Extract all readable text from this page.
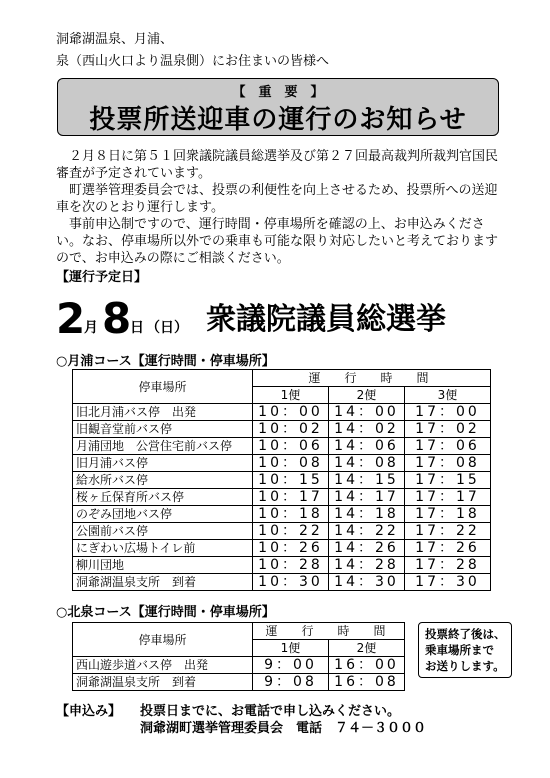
洞爺湖温泉、月浦、
泉（西山火口より温泉側）にお住まいの皆様へ
【　重　要　】
投票所送迎車の運行のお知らせ

　２月８日に第５１回衆議院議員総選挙及び第２７回最高裁判所裁判官国民審査が予定されています。

　町選挙管理委員会では、投票の利便性を向上させるため、投票所への送迎車を次のとおり運行します。

　事前申込制ですので、運行時間・停車場所を確認の上、お申込みください。なお、停車場所以外での乗車も可能な限り対応したいと考えておりますので、お申込みの際にご相談ください。

【運行予定日】
2
月 8
日 （日） 衆議院議員総選挙
○月浦コース【運行時間・停車場所】
停車場所	運　行　時　間		
	1便	2便	3便
旧北月浦バス停　出発	10：00	14：00	17：00
旧観音堂前バス停	10：02	14：02	17：02
月浦団地　公営住宅前バス停	10：06	14：06	17：06
旧月浦バス停	10：08	14：08	17：08
給水所バス停	10：15	14：15	17：15
桜ヶ丘保育所バス停	10：17	14：17	17：17
のぞみ団地バス停	10：18	14：18	17：18
公園前バス停	10：22	14：22	17：22
にぎわい広場トイレ前	10：26	14：26	17：26
柳川団地	10：28	14：28	17：28
洞爺湖温泉支所　到着	10：30	14：30	17：30
○北泉コース【運行時間・停車場所】
停車場所	運　行　時　間	
	1便	2便
西山遊歩道バス停　出発	9：00	16：00
洞爺湖温泉支所　到着	9：08	16：08
投票終了後は、
乗車場所まで
お送りします。
【申込み】 投票日までに、お電話で申し込みください。
洞爺湖町選挙管理委員会　電話　７４－３０００
